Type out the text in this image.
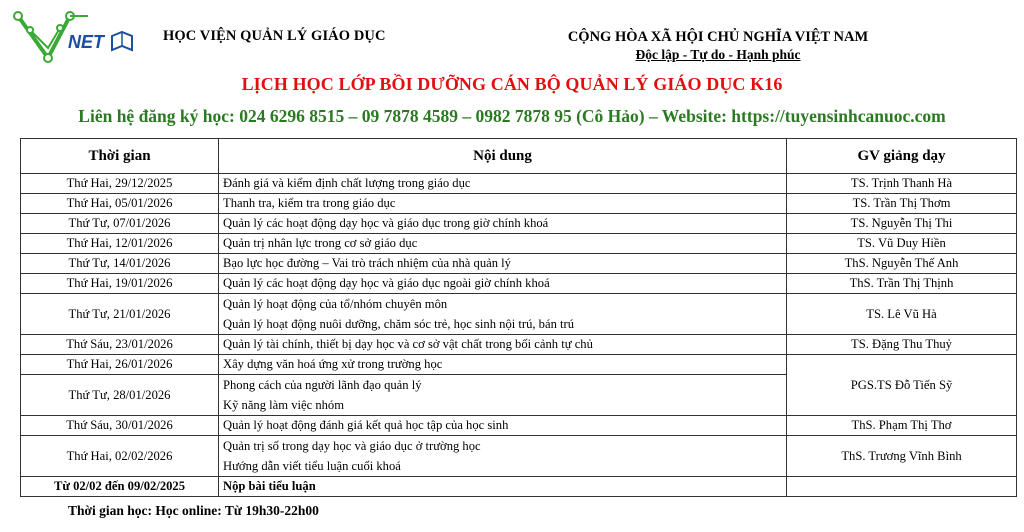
NET	HỌC VIỆN QUẢN LÝ GIÁO DỤC	CỘNG HÒA XÃ HỘI CHỦ NGHĨA VIỆT NAM
Độc lập - Tự do - Hạnh phúc
LỊCH HỌC LỚP BỒI DƯỠNG CÁN BỘ QUẢN LÝ GIÁO DỤC K16
Liên hệ đăng ký học: 024 6296 8515 – 09 7878 4589 – 0982 7878 95 (Cô Hảo) – Website: https://tuyensinhcanuoc.com
Thời gian	Nội dung	GV giảng dạy
Thứ Hai, 29/12/2025	Đánh giá và kiểm định chất lượng trong giáo dục	TS. Trịnh Thanh Hà
Thứ Hai, 05/01/2026	Thanh tra, kiểm tra trong giáo dục	TS. Trần Thị Thơm
Thứ Tư, 07/01/2026	Quản lý các hoạt động dạy học và giáo dục trong giờ chính khoá	TS. Nguyễn Thị Thi
Thứ Hai, 12/01/2026	Quản trị nhân lực trong cơ sở giáo dục	TS. Vũ Duy Hiền
Thứ Tư, 14/01/2026	Bạo lực học đường – Vai trò trách nhiệm của nhà quản lý	ThS. Nguyễn Thế Anh
Thứ Hai, 19/01/2026	Quản lý các hoạt động dạy học và giáo dục ngoài giờ chính khoá	ThS. Trần Thị Thịnh
Thứ Tư, 21/01/2026	Quản lý hoạt động của tổ/nhóm chuyên môn
Quản lý hoạt động nuôi dưỡng, chăm sóc trẻ, học sinh nội trú, bán trú	TS. Lê Vũ Hà
Thứ Sáu, 23/01/2026	Quản lý tài chính, thiết bị dạy học và cơ sở vật chất trong bối cảnh tự chủ	TS. Đặng Thu Thuỷ
Thứ Hai, 26/01/2026	Xây dựng văn hoá ứng xử trong trường học	PGS.TS Đỗ Tiến Sỹ
Thứ Tư, 28/01/2026	Phong cách của người lãnh đạo quản lý
Kỹ năng làm việc nhóm	

Thứ Sáu, 30/01/2026	Quản lý hoạt động đánh giá kết quả học tập của học sinh	ThS. Phạm Thị Thơ
Thứ Hai, 02/02/2026	Quản trị số trong dạy học và giáo dục ở trường học
Hướng dẫn viết tiểu luận cuối khoá	ThS. Trương Vĩnh Bình
Từ 02/02 đến 09/02/2025	Nộp bài tiểu luận	
Thời gian học: Học online: Từ 19h30-22h00
